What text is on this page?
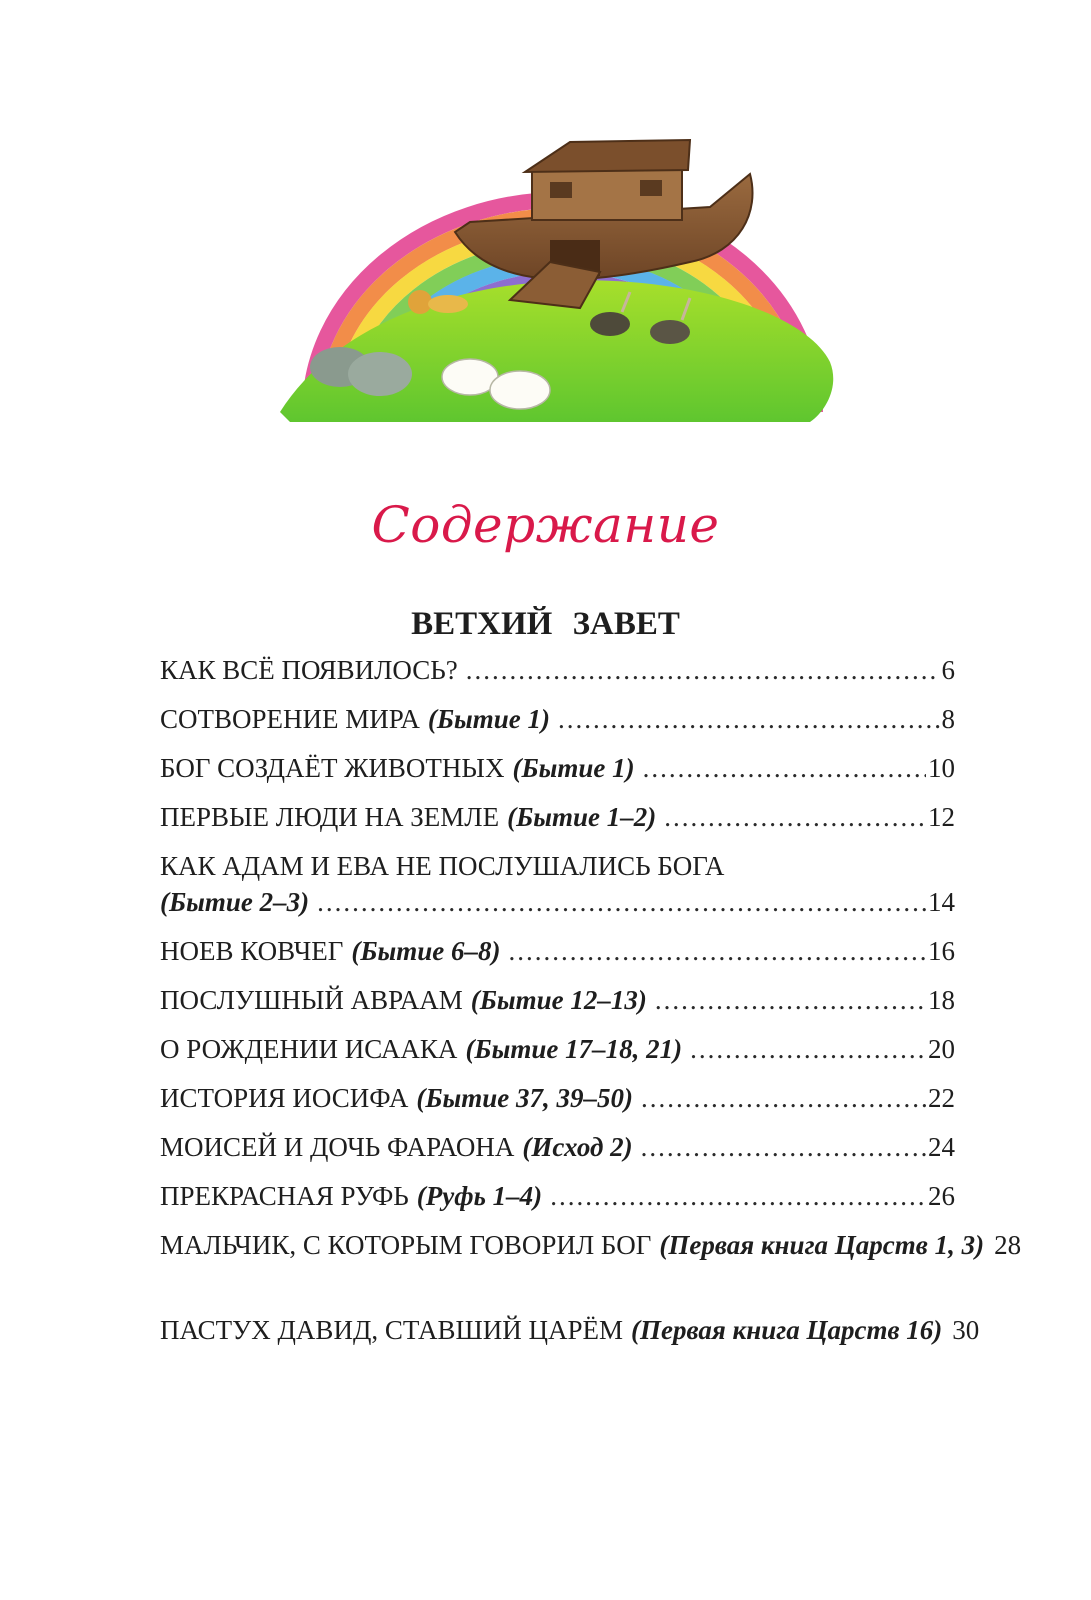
Содержание
ВЕТХИЙ ЗАВЕТ
КАК ВСЁ ПОЯВИЛОСЬ? .....	6
СОТВОРЕНИЕ МИРА (Бытие 1) .....	8
БОГ СОЗДАЁТ ЖИВОТНЫХ (Бытие 1) .....	10
ПЕРВЫЕ ЛЮДИ НА ЗЕМЛЕ (Бытие 1–2) .....	12
КАК АДАМ И ЕВА НЕ ПОСЛУШАЛИСЬ БОГА
(Бытие 2–3) .....	14
НОЕВ КОВЧЕГ (Бытие 6–8) .....	16
ПОСЛУШНЫЙ АВРААМ (Бытие 12–13) .....	18
О РОЖДЕНИИ ИСААКА (Бытие 17–18, 21) .....	20
ИСТОРИЯ ИОСИФА (Бытие 37, 39–50) .....	22
МОИСЕЙ И ДОЧЬ ФАРАОНА (Исход 2) .....	24
ПРЕКРАСНАЯ РУФЬ (Руфь 1–4) .....	26
МАЛЬЧИК, С КОТОРЫМ ГОВОРИЛ БОГ (Первая книга Царств 1, 3) 28
ПАСТУХ ДАВИД, СТАВШИЙ ЦАРЁМ (Первая книга Царств 16) 30
